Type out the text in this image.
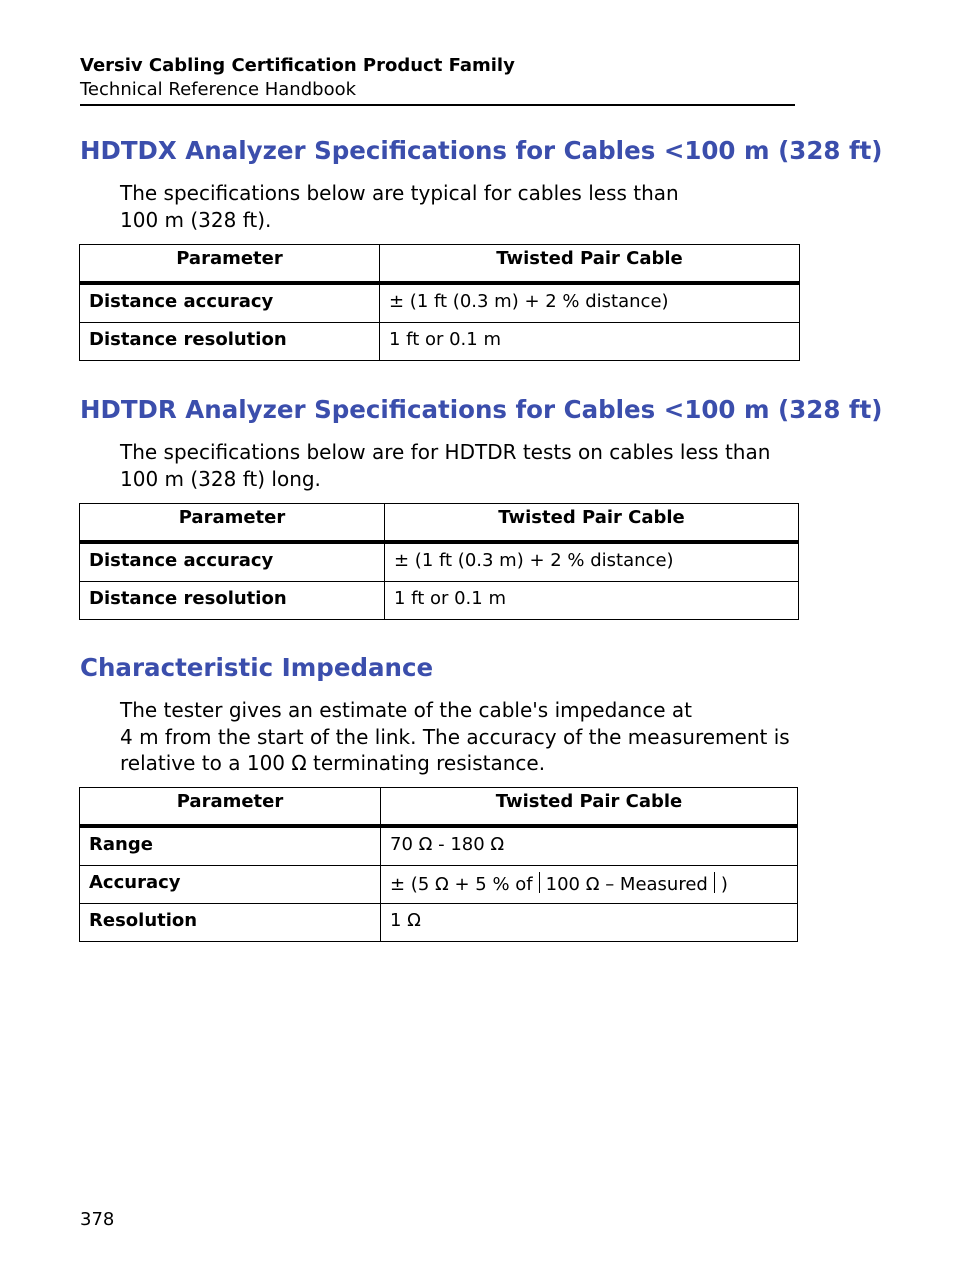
Versiv Cabling Certification Product Family
Technical Reference Handbook
HDTDX Analyzer Specifications for Cables <100 m (328 ft)
The specifications below are typical for cables less than
100 m (328 ft).
Parameter	Twisted Pair Cable
Distance accuracy	± (1 ft (0.3 m) + 2 % distance)
Distance resolution	1 ft or 0.1 m
HDTDR Analyzer Specifications for Cables <100 m (328 ft)
The specifications below are for HDTDR tests on cables less than
100 m (328 ft) long.
Parameter	Twisted Pair Cable
Distance accuracy	± (1 ft (0.3 m) + 2 % distance)
Distance resolution	1 ft or 0.1 m
Characteristic Impedance
The tester gives an estimate of the cable's impedance at
4 m from the start of the link. The accuracy of the measurement is
relative to a 100 Ω terminating resistance.
Parameter	Twisted Pair Cable
Range	70 Ω - 180 Ω
Accuracy	± (5 Ω + 5 % of 100 Ω – Measured )
Resolution	1 Ω
378
